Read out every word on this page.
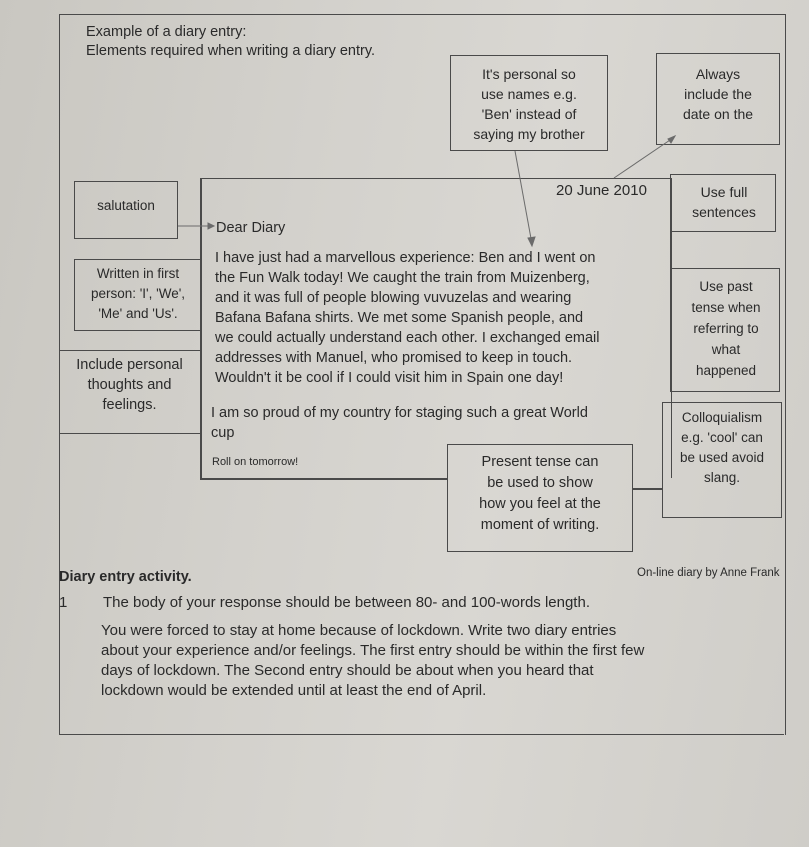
Example of a diary entry:
Elements required when writing a diary entry.
It's personal so
use names e.g.
'Ben' instead of
saying my brother
Always
include the
date on the
20 June 2010
Dear Diary
I have just had a marvellous experience: Ben and I went on
the Fun Walk today! We caught the train from Muizenberg,
and it was full of people blowing vuvuzelas and wearing
Bafana Bafana shirts. We met some Spanish people, and
we could actually understand each other. I exchanged email
addresses with Manuel, who promised to keep in touch.
Wouldn't it be cool if I could visit him in Spain one day!
I am so proud of my country for staging such a great World
cup
Roll on tomorrow!
salutation
Use full
sentences
Written in first
person: 'I', 'We',
'Me' and 'Us'.
Use past
tense when
referring to
what
happened
Include personal
thoughts and
feelings.
Colloquialism
e.g. 'cool' can
be used avoid
slang.
Present tense can
be used to show
how you feel at the
moment of writing.
On-line diary by Anne Frank
Diary entry activity.
1 The body of your response should be between 80- and 100-words length.
You were forced to stay at home because of lockdown. Write two diary entries
about your experience and/or feelings. The first entry should be within the first few
days of lockdown. The Second entry should be about when you heard that
lockdown would be extended until at least the end of April.
